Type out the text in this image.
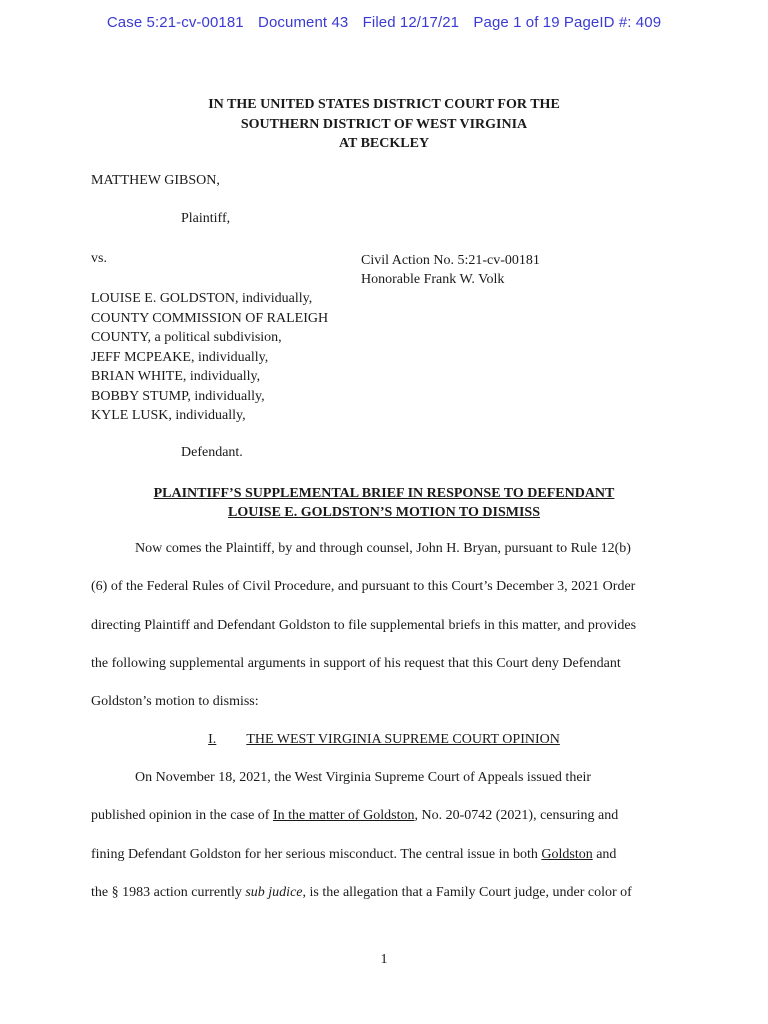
Case 5:21-cv-00181 Document 43 Filed 12/17/21 Page 1 of 19 PageID #: 409
IN THE UNITED STATES DISTRICT COURT FOR THE
SOUTHERN DISTRICT OF WEST VIRGINIA
AT BECKLEY
MATTHEW GIBSON,
Plaintiff,
vs.	Civil Action No. 5:21-cv-00181
Honorable Frank W. Volk
LOUISE E. GOLDSTON, individually,
COUNTY COMMISSION OF RALEIGH
COUNTY, a political subdivision,
JEFF MCPEAKE, individually,
BRIAN WHITE, individually,
BOBBY STUMP, individually,
KYLE LUSK, individually,
Defendant.
PLAINTIFF’S SUPPLEMENTAL BRIEF IN RESPONSE TO DEFENDANT
LOUISE E. GOLDSTON’S MOTION TO DISMISS
Now comes the Plaintiff, by and through counsel, John H. Bryan, pursuant to Rule 12(b)
(6) of the Federal Rules of Civil Procedure, and pursuant to this Court’s December 3, 2021 Order
directing Plaintiff and Defendant Goldston to file supplemental briefs in this matter, and provides
the following supplemental arguments in support of his request that this Court deny Defendant
Goldston’s motion to dismiss:
I. THE WEST VIRGINIA SUPREME COURT OPINION
On November 18, 2021, the West Virginia Supreme Court of Appeals issued their
published opinion in the case of In the matter of Goldston, No. 20-0742 (2021), censuring and
fining Defendant Goldston for her serious misconduct. The central issue in both Goldston and
the § 1983 action currently sub judice, is the allegation that a Family Court judge, under color of
1
